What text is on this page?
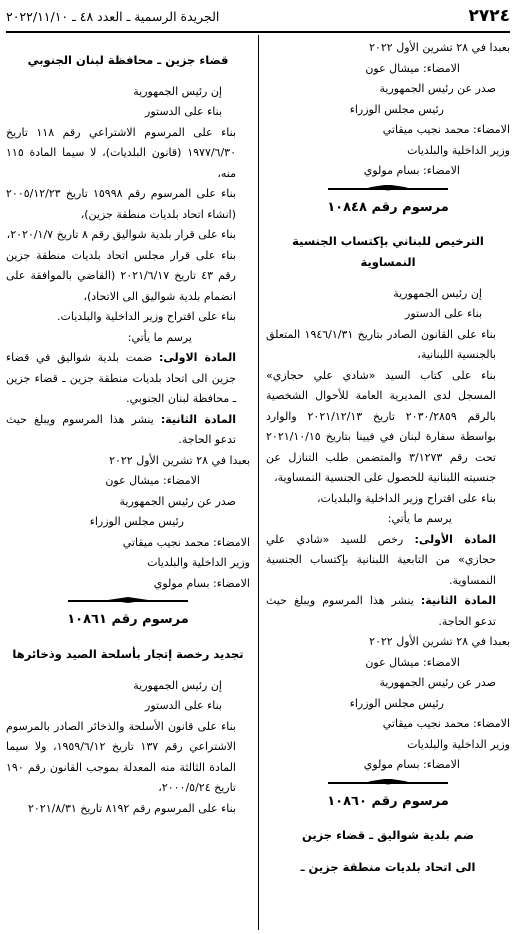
٢٧٢٤
الجريدة الرسمية ـ العدد ٤٨ ـ ٢٠٢٢/١١/١٠

بعبدا في ٢٨ تشرين الأول ٢٠٢٢

الامضاء: ميشال عون

صدر عن رئيس الجمهورية

رئيس مجلس الوزراء

الامضاء: محمد نجيب ميقاتي

وزير الداخلية والبلديات

الامضاء: بسام مولوي

مرسوم رقم ١٠٨٤٨

الترخيص للبناني بإكتساب الجنسية النمساوية

إن رئيس الجمهورية

بناء على الدستور

بناء على القانون الصادر بتاريخ ١٩٤٦/١/٣١ المتعلق بالجنسية اللبنانية،

بناء على كتاب السيد «شادي علي حجازي» المسجل لدى المديرية العامة للأحوال الشخصية بالرقم ٢٠٣٠/٢٨٥٩ تاريخ ٢٠٢١/١٢/١٣ والوارد بواسطة سفارة لبنان في فيينا بتاريخ ٢٠٢١/١٠/١٥ تحت رقم ٣/١٢٧٣ والمتضمن طلب التنازل عن جنسيته اللبنانية للحصول على الجنسية النمساوية،

بناء على اقتراح وزير الداخلية والبلديات،

يرسم ما يأتي:

المادة الأولى: رخص للسيد «شادي علي حجازي» من التابعية اللبنانية بإكتساب الجنسية النمساوية.

المادة الثانية: ينشر هذا المرسوم ويبلغ حيث تدعو الحاجة.

بعبدا في ٢٨ تشرين الأول ٢٠٢٢

الامضاء: ميشال عون

صدر عن رئيس الجمهورية

رئيس مجلس الوزراء

الامضاء: محمد نجيب ميقاتي

وزير الداخلية والبلديات

الامضاء: بسام مولوي

مرسوم رقم ١٠٨٦٠

ضم بلدية شواليق ـ قضاء جزين

الى اتحاد بلديات منطقة جزين ـ

قضاء جزين ـ محافظة لبنان الجنوبي

إن رئيس الجمهورية

بناء على الدستور

بناء على المرسوم الاشتراعي رقم ١١٨ تاريخ ١٩٧٧/٦/٣٠ (قانون البلديات)، لا سيما المادة ١١٥ منه،

بناء على المرسوم رقم ١٥٩٩٨ تاريخ ٢٠٠٥/١٢/٢٣ (انشاء اتحاد بلديات منطقة جزين)،

بناء على قرار بلدية شواليق رقم ٨ تاريخ ٢٠٢٠/١/٧،

بناء على قرار مجلس اتحاد بلديات منطقة جزين رقم ٤٣ تاريخ ٢٠٢١/٦/١٧ (القاضي بالموافقة على انضمام بلدية شواليق الى الاتحاد)،

بناء على اقتراح وزير الداخلية والبلديات.

يرسم ما يأتي:

المادة الاولى: ضمت بلدية شواليق في قضاء جزين الى اتحاد بلديات منطقة جزين ـ قضاء جزين ـ محافظة لبنان الجنوبي.

المادة الثانية: ينشر هذا المرسوم ويبلغ حيث تدعو الحاجة.

بعبدا في ٢٨ تشرين الأول ٢٠٢٢

الامضاء: ميشال عون

صدر عن رئيس الجمهورية

رئيس مجلس الوزراء

الامضاء: محمد نجيب ميقاتي

وزير الداخلية والبلديات

الامضاء: بسام مولوي

مرسوم رقم ١٠٨٦١

تجديد رخصة إتجار بأسلحة الصيد وذخائرها

إن رئيس الجمهورية

بناء على الدستور

بناء على قانون الأسلحة والذخائر الصادر بالمرسوم الاشتراعي رقم ١٣٧ تاريخ ١٩٥٩/٦/١٢، ولا سيما المادة الثالثة منه المعدلة بموجب القانون رقم ١٩٠ تاريخ ٢٠٠٠/٥/٢٤،

بناء على المرسوم رقم ٨١٩٢ تاريخ ٢٠٢١/٨/٣١
